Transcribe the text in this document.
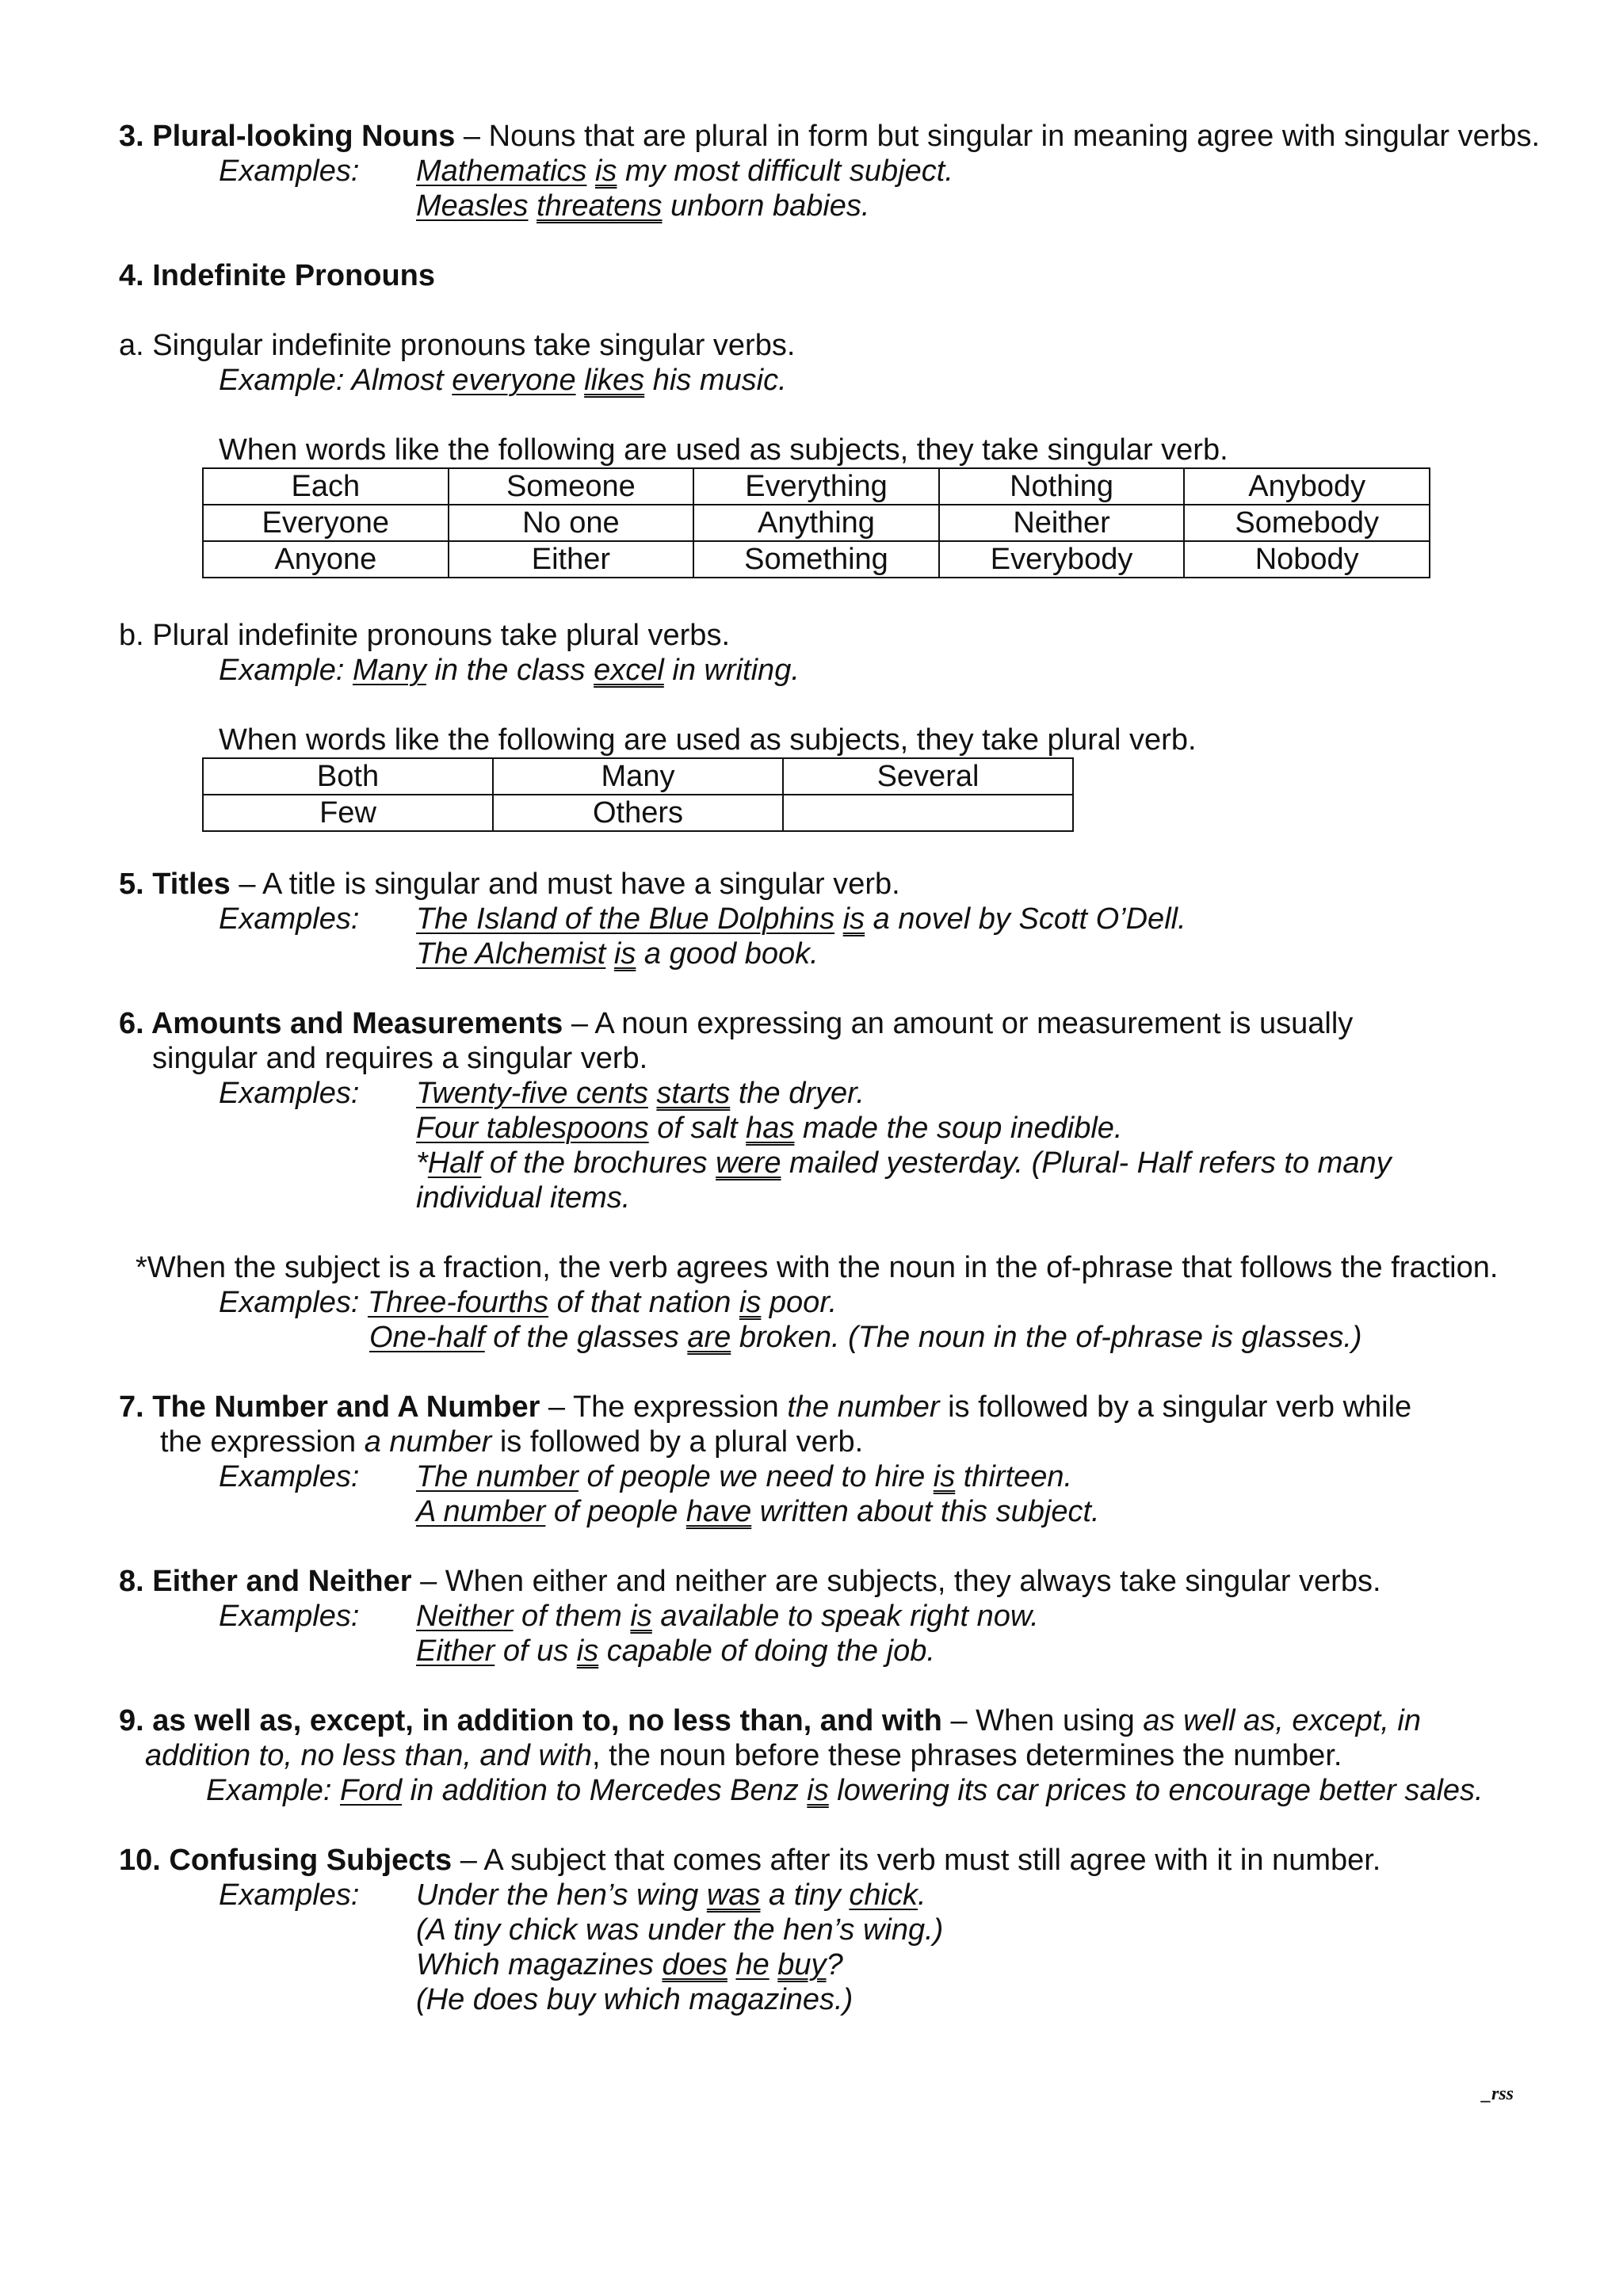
3. Plural-looking Nouns – Nouns that are plural in form but singular in meaning agree with singular verbs.
Examples: Mathematics is my most difficult subject.
Measles threatens unborn babies.
4. Indefinite Pronouns
a. Singular indefinite pronouns take singular verbs.
Example: Almost everyone likes his music.
When words like the following are used as subjects, they take singular verb.
Each	Someone	Everything	Nothing	Anybody
Everyone	No one	Anything	Neither	Somebody
Anyone	Either	Something	Everybody	Nobody
b. Plural indefinite pronouns take plural verbs.
Example: Many in the class excel in writing.
When words like the following are used as subjects, they take plural verb.
Both	Many	Several
Few	Others	
5. Titles – A title is singular and must have a singular verb.
Examples: The Island of the Blue Dolphins is a novel by Scott O’Dell.
The Alchemist is a good book.
6. Amounts and Measurements – A noun expressing an amount or measurement is usually
singular and requires a singular verb.
Examples: Twenty-five cents starts the dryer.
Four tablespoons of salt has made the soup inedible.
*Half of the brochures were mailed yesterday. (Plural- Half refers to many
individual items.
*When the subject is a fraction, the verb agrees with the noun in the of-phrase that follows the fraction.
Examples: Three-fourths of that nation is poor.
One-half of the glasses are broken. (The noun in the of-phrase is glasses.)
7. The Number and A Number – The expression the number is followed by a singular verb while
the expression a number is followed by a plural verb.
Examples: The number of people we need to hire is thirteen.
A number of people have written about this subject.
8. Either and Neither – When either and neither are subjects, they always take singular verbs.
Examples: Neither of them is available to speak right now.
Either of us is capable of doing the job.
9. as well as, except, in addition to, no less than, and with – When using as well as, except, in
addition to, no less than, and with, the noun before these phrases determines the number.
Example: Ford in addition to Mercedes Benz is lowering its car prices to encourage better sales.
10. Confusing Subjects – A subject that comes after its verb must still agree with it in number.
Examples: Under the hen’s wing was a tiny chick.
(A tiny chick was under the hen’s wing.)
Which magazines does he buy?
(He does buy which magazines.)
_rss
